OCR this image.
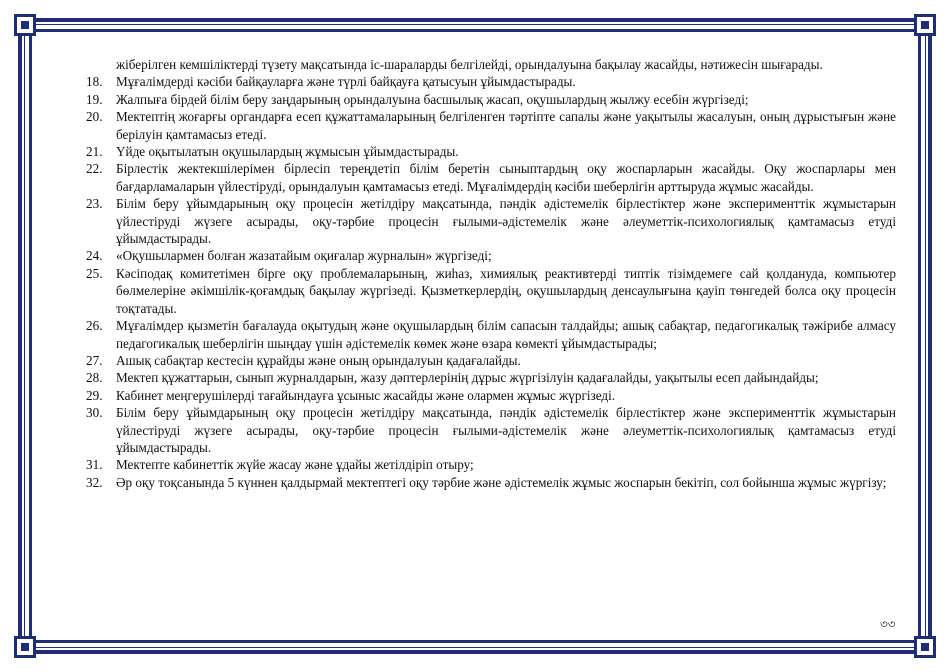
жіберілген кемшіліктерді түзету мақсатында іс-шараларды белгілейді, орындалуына бақылау жасайды, нәтижесін шығарады.
18. Мұғалімдерді кәсіби байқауларға және түрлі байқауға қатысуын ұйымдастырады.
19. Жалпыға бірдей білім беру заңдарының орындалуына басшылық жасап, оқушылардың жылжу есебін жүргізеді;
20. Мектептің жоғарғы органдарға есеп құжаттамаларының белгіленген тәртіпте сапалы және уақытылы жасалуын, оның дұрыстығын және берілуін қамтамасыз етеді.
21. Үйде оқытылатын оқушылардың жұмысын ұйымдастырады.
22. Бірлестік жектекшілерімен бірлесіп тереңдетіп білім беретін сыныптардың оқу жоспарларын жасайды. Оқу жоспарлары мен бағдарламаларын үйлестіруді, орындалуын қамтамасыз етеді. Мұғалімдердің кәсіби шеберлігін арттыруда жұмыс жасайды.
23. Білім беру ұйымдарының оқу процесін жетілдіру мақсатында, пәндік әдістемелік бірлестіктер және эксперименттік жұмыстарын үйлестіруді жүзеге асырады, оқу-тәрбие процесін ғылыми-әдістемелік және әлеуметтік-психологиялық қамтамасыз етуді ұйымдастырады.
24. «Оқушылармен болған жазатайым оқиғалар журналын» жүргізеді;
25. Кәсіподақ комитетімен бірге оқу проблемаларының, жиһаз, химиялық реактивтерді типтік тізімдемеге сай қолдануда, компьютер бөлмелеріне әкімшілік-қоғамдық бақылау жүргізеді. Қызметкерлердің, оқушылардың денсаулығына қауіп төнгедей болса оқу процесін тоқтатады.
26. Мұғалімдер қызметін бағалауда оқытудың және оқушылардың білім сапасын талдайды; ашық сабақтар, педагогикалық тәжірибе алмасу педагогикалық шеберлігін шыңдау үшін әдістемелік көмек және өзара көмекті ұйымдастырады;
27. Ашық сабақтар кестесін құрайды және оның орындалуын қадағалайды.
28. Мектеп құжаттарын, сынып журналдарын, жазу дәптерлерінің дұрыс жүргізілуін қадағалайды, уақытылы есеп дайындайды;
29. Кабинет меңгерушілерді тағайындауға ұсыныс жасайды және олармен жұмыс жүргізеді.
30. Білім беру ұйымдарының оқу процесін жетілдіру мақсатында, пәндік әдістемелік бірлестіктер және эксперименттік жұмыстарын үйлестіруді жүзеге асырады, оқу-тәрбие процесін ғылыми-әдістемелік және әлеуметтік-психологиялық қамтамасыз етуді ұйымдастырады.
31. Мектепте кабинеттік жүйе жасау және ұдайы жетілдіріп отыру;
32. Әр оқу тоқсанында 5 күннен қалдырмай мектептегі оқу тәрбие және әдістемелік жұмыс жоспарын бекітіп, сол бойынша жұмыс жүргізу;
৩৩
